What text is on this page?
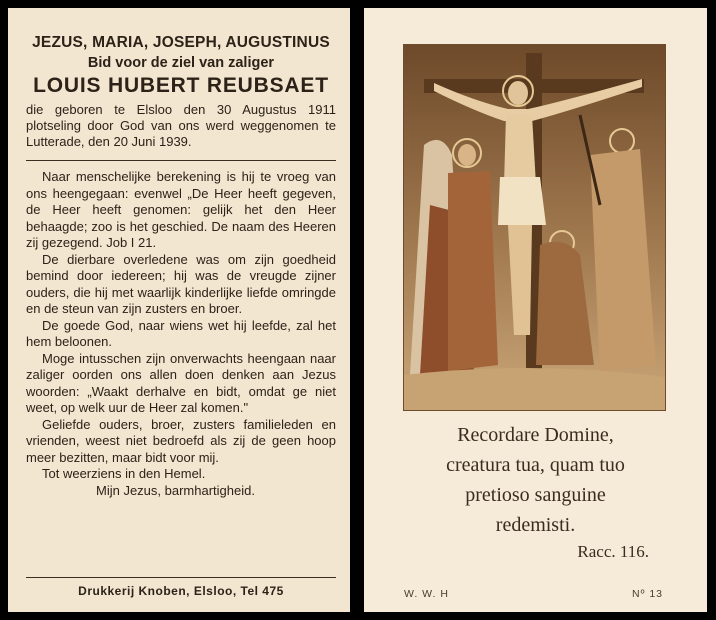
JEZUS, MARIA, JOSEPH, AUGUSTINUS
Bid voor de ziel van zaliger
LOUIS HUBERT REUBSAET
die geboren te Elsloo den 30 Augustus 1911 plotseling door God van ons werd weggenomen te Lutterade, den 20 Juni 1939.

Naar menschelijke berekening is hij te vroeg van ons heengegaan: evenwel „De Heer heeft gegeven, de Heer heeft genomen: gelijk het den Heer behaagde; zoo is het geschied. De naam des Heeren zij gezegend. Job I 21.

De dierbare overledene was om zijn goedheid bemind door iedereen; hij was de vreugde zijner ouders, die hij met waarlijk kinderlijke liefde omringde en de steun van zijn zusters en broer.

De goede God, naar wiens wet hij leefde, zal het hem beloonen.

Moge intusschen zijn onverwachts heengaan naar zaliger oorden ons allen doen denken aan Jezus woorden: „Waakt derhalve en bidt, omdat ge niet weet, op welk uur de Heer zal komen."

Geliefde ouders, broer, zusters familieleden en vrienden, weest niet bedroefd als zij de geen hoop meer bezitten, maar bidt voor mij.

Tot weerziens in den Hemel.

Mijn Jezus, barmhartigheid.
Drukkerij Knoben, Elsloo, Tel 475
Recordare Domine,
creatura tua, quam tuo
pretioso sanguine
redemisti.
Racc. 116.
W. W. H	Nº 13
